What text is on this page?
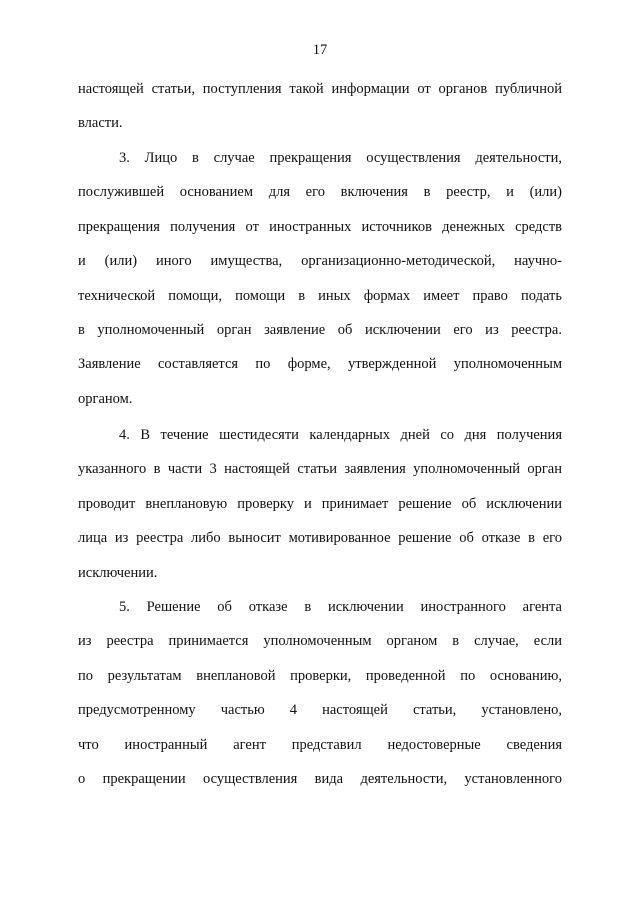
17
настоящей статьи, поступления такой информации от органов публичной
власти.
3. Лицо в случае прекращения осуществления деятельности,
послужившей основанием для его включения в реестр, и (или)
прекращения получения от иностранных источников денежных средств
и (или) иного имущества, организационно-методической, научно-
технической помощи, помощи в иных формах имеет право подать
в уполномоченный орган заявление об исключении его из реестра.
Заявление составляется по форме, утвержденной уполномоченным
органом.
4. В течение шестидесяти календарных дней со дня получения
указанного в части 3 настоящей статьи заявления уполномоченный орган
проводит внеплановую проверку и принимает решение об исключении
лица из реестра либо выносит мотивированное решение об отказе в его
исключении.
5. Решение об отказе в исключении иностранного агента
из реестра принимается уполномоченным органом в случае, если
по результатам внеплановой проверки, проведенной по основанию,
предусмотренному частью 4 настоящей статьи, установлено,
что иностранный агент представил недостоверные сведения
о прекращении осуществления вида деятельности, установленного
